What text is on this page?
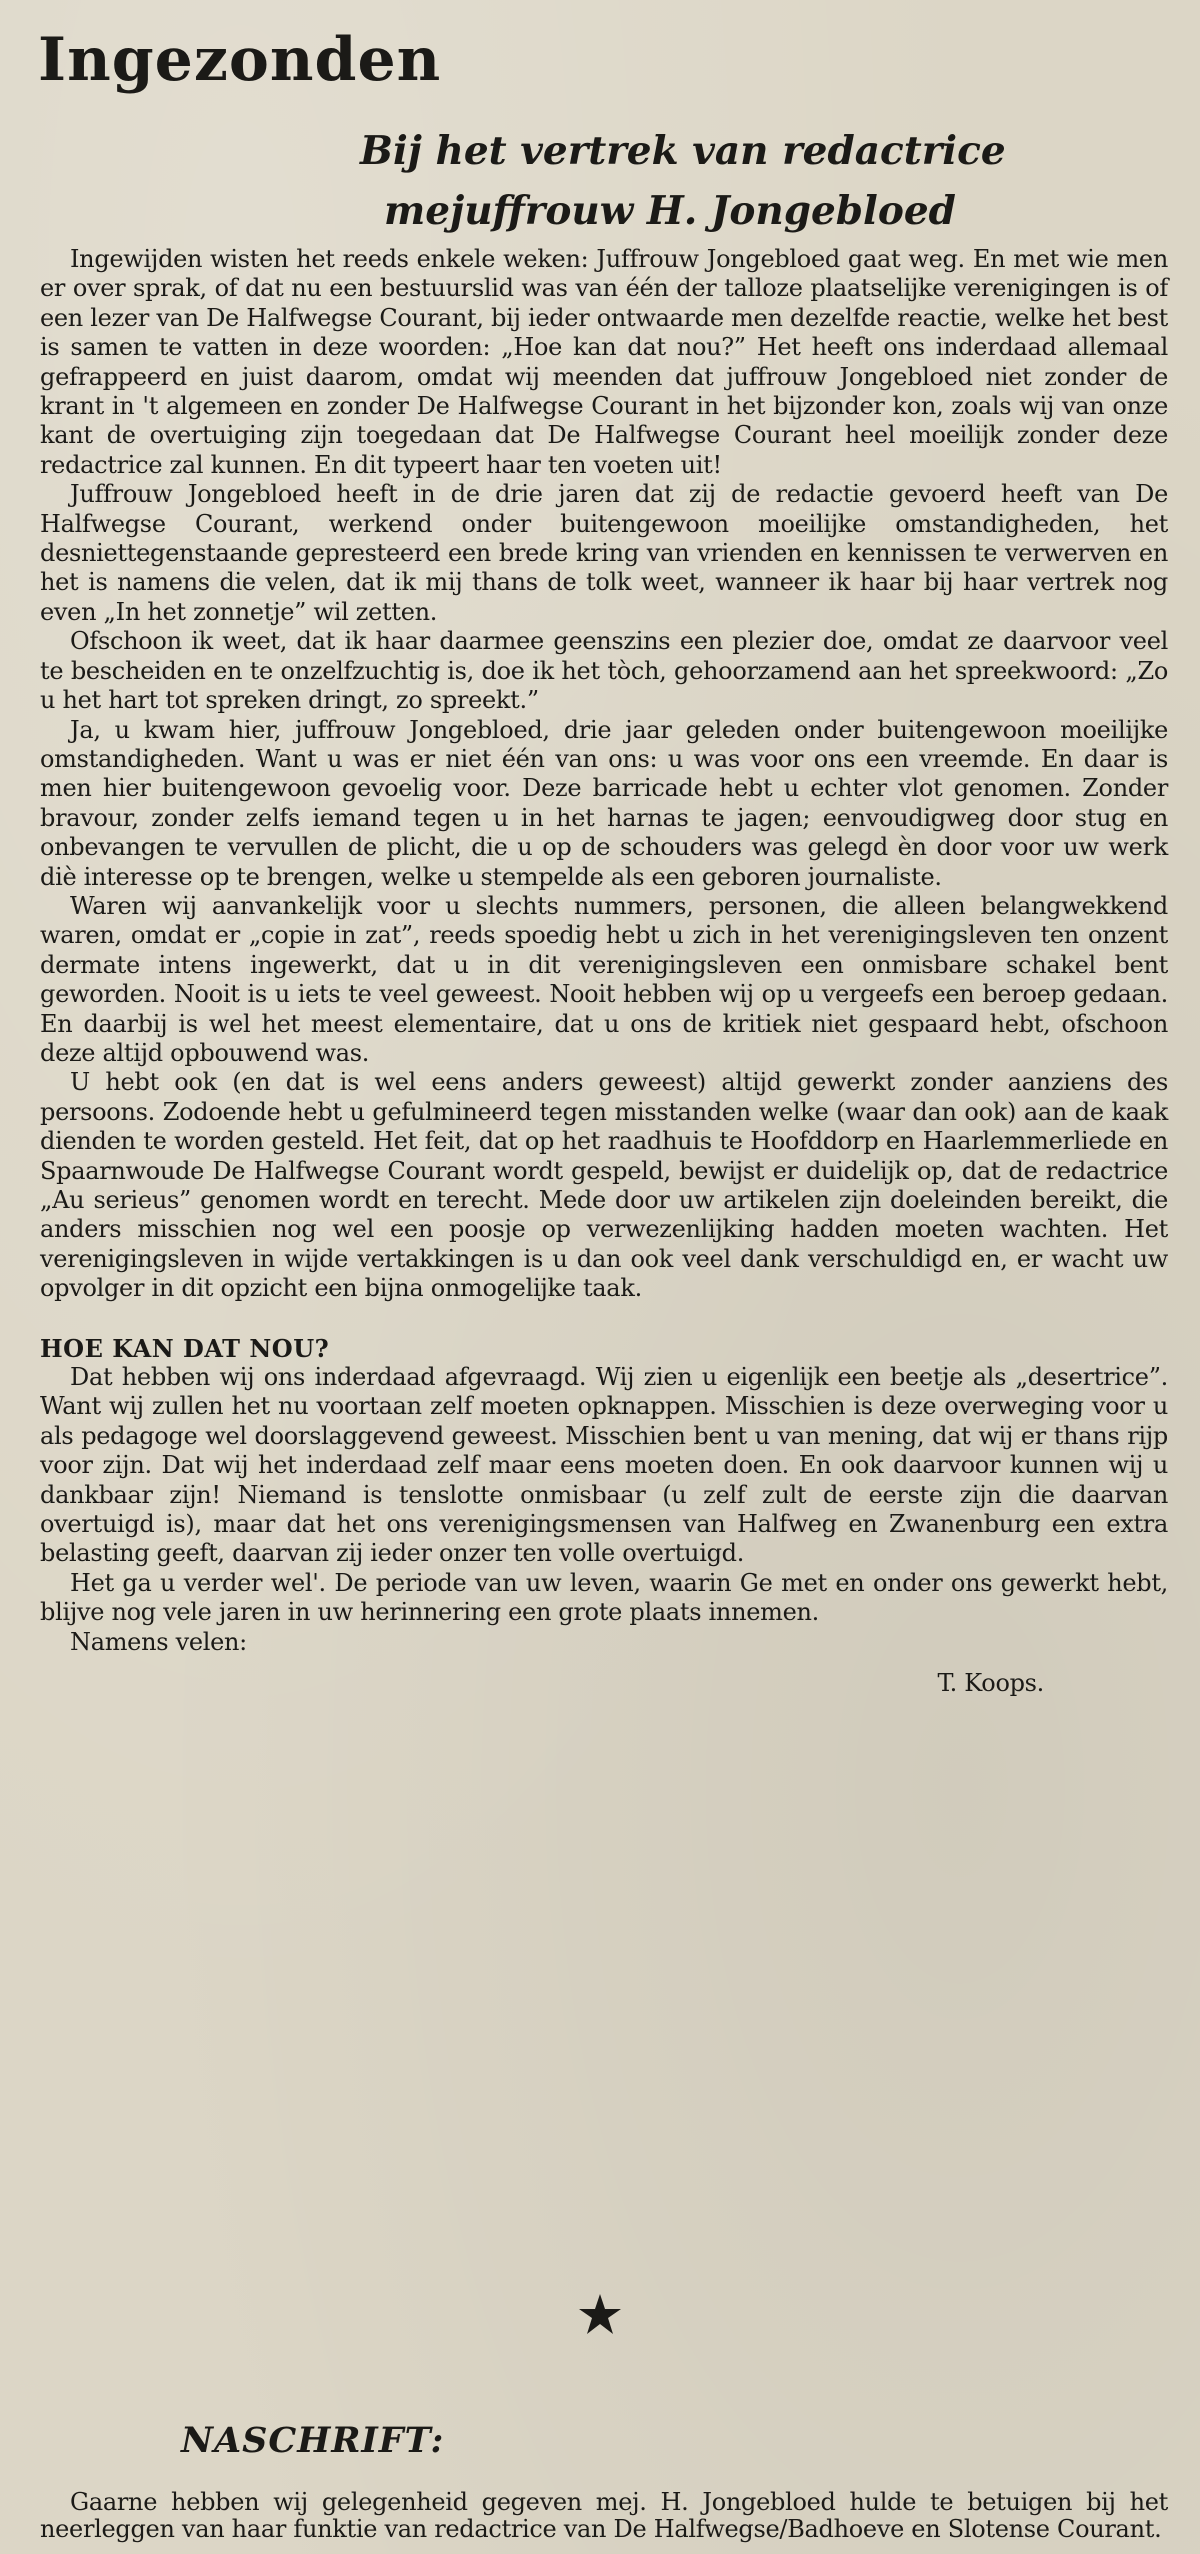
Ingezonden
Bij het vertrek van redactrice
mejuffrouw H. Jongebloed

Ingewijden wisten het reeds enkele weken: Juffrouw Jongebloed gaat weg. En met wie men er over sprak, of dat nu een bestuurslid was van één der talloze plaatselijke verenigingen is of een lezer van De Halfwegse Courant, bij ieder ontwaarde men dezelfde reactie, welke het best is samen te vatten in deze woorden: „Hoe kan dat nou?” Het heeft ons inderdaad allemaal gefrappeerd en juist daarom, omdat wij meenden dat juffrouw Jongebloed niet zonder de krant in 't algemeen en zonder De Halfwegse Courant in het bijzonder kon, zoals wij van onze kant de overtuiging zijn toegedaan dat De Halfwegse Courant heel moeilijk zonder deze redactrice zal kunnen. En dit typeert haar ten voeten uit!

Juffrouw Jongebloed heeft in de drie jaren dat zij de redactie gevoerd heeft van De Halfwegse Courant, werkend onder buitengewoon moeilijke omstandigheden, het desniettegenstaande gepresteerd een brede kring van vrienden en kennissen te verwerven en het is namens die velen, dat ik mij thans de tolk weet, wanneer ik haar bij haar vertrek nog even „In het zonnetje” wil zetten.

Ofschoon ik weet, dat ik haar daarmee geenszins een plezier doe, omdat ze daarvoor veel te bescheiden en te onzelfzuchtig is, doe ik het tòch, gehoorzamend aan het spreekwoord: „Zo u het hart tot spreken dringt, zo spreekt.”

Ja, u kwam hier, juffrouw Jongebloed, drie jaar geleden onder buitengewoon moeilijke omstandigheden. Want u was er niet één van ons: u was voor ons een vreemde. En daar is men hier buitengewoon gevoelig voor. Deze barricade hebt u echter vlot genomen. Zonder bravour, zonder zelfs iemand tegen u in het harnas te jagen; eenvoudigweg door stug en onbevangen te vervullen de plicht, die u op de schouders was gelegd èn door voor uw werk diè interesse op te brengen, welke u stempelde als een geboren journaliste.

Waren wij aanvankelijk voor u slechts nummers, personen, die alleen belangwekkend waren, omdat er „copie in zat”, reeds spoedig hebt u zich in het verenigingsleven ten onzent dermate intens ingewerkt, dat u in dit verenigingsleven een onmisbare schakel bent geworden. Nooit is u iets te veel geweest. Nooit hebben wij op u vergeefs een beroep gedaan. En daarbij is wel het meest elementaire, dat u ons de kritiek niet gespaard hebt, ofschoon deze altijd opbouwend was.

U hebt ook (en dat is wel eens anders geweest) altijd gewerkt zonder aanziens des persoons. Zodoende hebt u gefulmineerd tegen misstanden welke (waar dan ook) aan de kaak dienden te worden gesteld. Het feit, dat op het raadhuis te Hoofddorp en Haarlemmerliede en Spaarnwoude De Halfwegse Courant wordt gespeld, bewijst er duidelijk op, dat de redactrice „Au serieus” genomen wordt en terecht. Mede door uw artikelen zijn doeleinden bereikt, die anders misschien nog wel een poosje op verwezenlijking hadden moeten wachten. Het verenigingsleven in wijde vertakkingen is u dan ook veel dank verschuldigd en, er wacht uw opvolger in dit opzicht een bijna onmogelijke taak.

HOE KAN DAT NOU?

Dat hebben wij ons inderdaad afgevraagd. Wij zien u eigenlijk een beetje als „desertrice”. Want wij zullen het nu voortaan zelf moeten opknappen. Misschien is deze overweging voor u als pedagoge wel doorslaggevend geweest. Misschien bent u van mening, dat wij er thans rijp voor zijn. Dat wij het inderdaad zelf maar eens moeten doen. En ook daarvoor kunnen wij u dankbaar zijn! Niemand is tenslotte onmisbaar (u zelf zult de eerste zijn die daarvan overtuigd is), maar dat het ons verenigingsmensen van Halfweg en Zwanenburg een extra belasting geeft, daarvan zij ieder onzer ten volle overtuigd.

Het ga u verder wel'. De periode van uw leven, waarin Ge met en onder ons gewerkt hebt, blijve nog vele jaren in uw herinnering een grote plaats innemen.

Namens velen:

T. Koops.

NASCHRIFT:

Gaarne hebben wij gelegenheid gegeven mej. H. Jongebloed hulde te betuigen bij het neerleggen van haar funktie van redactrice van De Halfwegse/Badhoeve en Slotense Courant.
